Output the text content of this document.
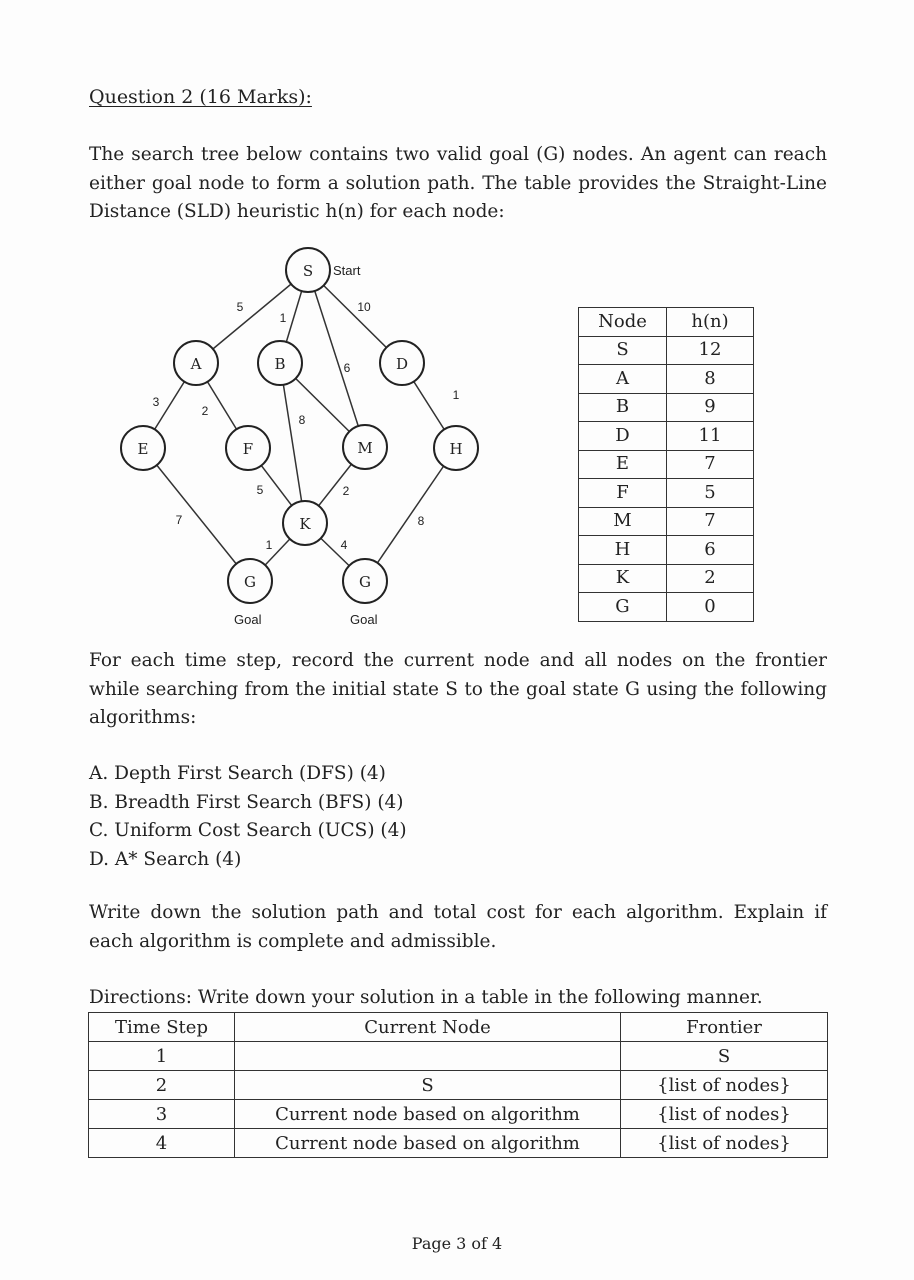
Question 2 (16 Marks):
The search tree below contains two valid goal (G) nodes. An agent can reach either goal node to form a solution path. The table provides the Straight-Line Distance (SLD) heuristic h(n) for each node:
5
1
10
3
2
6
8
1
7
5	2
1	4
8
S
A	B	D
E	F	M	H
K
G	G
Start
Goal	Goal
Node	h(n)
S	12
A	8
B	9
D	11
E	7
F	5
M	7
H	6
K	2
G	0
For each time step, record the current node and all nodes on the frontier while searching from the initial state S to the goal state G using the following algorithms:
A. Depth First Search (DFS) (4)
B. Breadth First Search (BFS) (4)
C. Uniform Cost Search (UCS) (4)
D. A* Search (4)
Write down the solution path and total cost for each algorithm. Explain if each algorithm is complete and admissible.
Directions: Write down your solution in a table in the following manner.
Time Step	Current Node	Frontier
1		S
2	S	{list of nodes}
3	Current node based on algorithm	{list of nodes}
4	Current node based on algorithm	{list of nodes}
Page 3 of 4
